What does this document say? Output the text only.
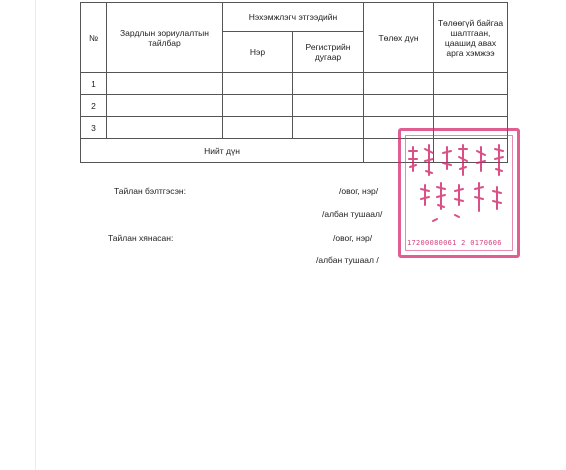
№	Зардлын зориулалтын тайлбар	Нэхэмжлэгч этгээдийн		Төлөх дүн	Төлөөгүй байгаа шалтгаан, цаашид авах арга хэмжээ
		Нэр	Регистрийн дугаар		
1					
2					
3					
Нийт дүн					
Тайлан бэлтгэсэн:	/овог, нэр/
/албан тушаал/
Тайлан хянасан:	/овог, нэр/
/албан тушаал /
17200080061 2 0170606
